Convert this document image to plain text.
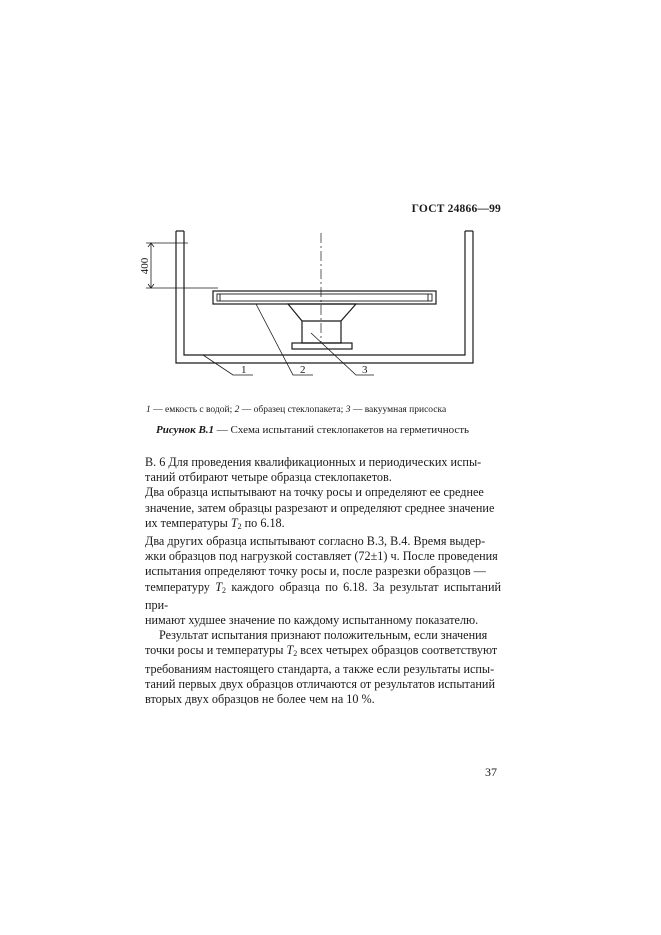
ГОСТ 24866—99
400
1	2	3
1 — емкость с водой; 2 — образец стеклопакета; 3 — вакуумная присоска
Рисунок В.1 — Схема испытаний стеклопакетов на герметичность
В. 6 Для проведения квалификационных и периодических испы-
таний отбирают четыре образца стеклопакетов.
Два образца испытывают на точку росы и определяют ее среднее
значение, затем образцы разрезают и определяют среднее значение
их температуры $T_2$ по 6.18.
Два других образца испытывают согласно В.3, В.4. Время выдер-
жки образцов под нагрузкой составляет (72±1) ч. После проведения
испытания определяют точку росы и, после разрезки образцов —
температуру $T_2$ каждого образца по 6.18. За результат испытаний при-
нимают худшее значение по каждому испытанному показателю.
Результат испытания признают положительным, если значения
точки росы и температуры $T_2$ всех четырех образцов соответствуют
требованиям настоящего стандарта, а также если результаты испы-
таний первых двух образцов отличаются от результатов испытаний
вторых двух образцов не более чем на 10 %.
37
